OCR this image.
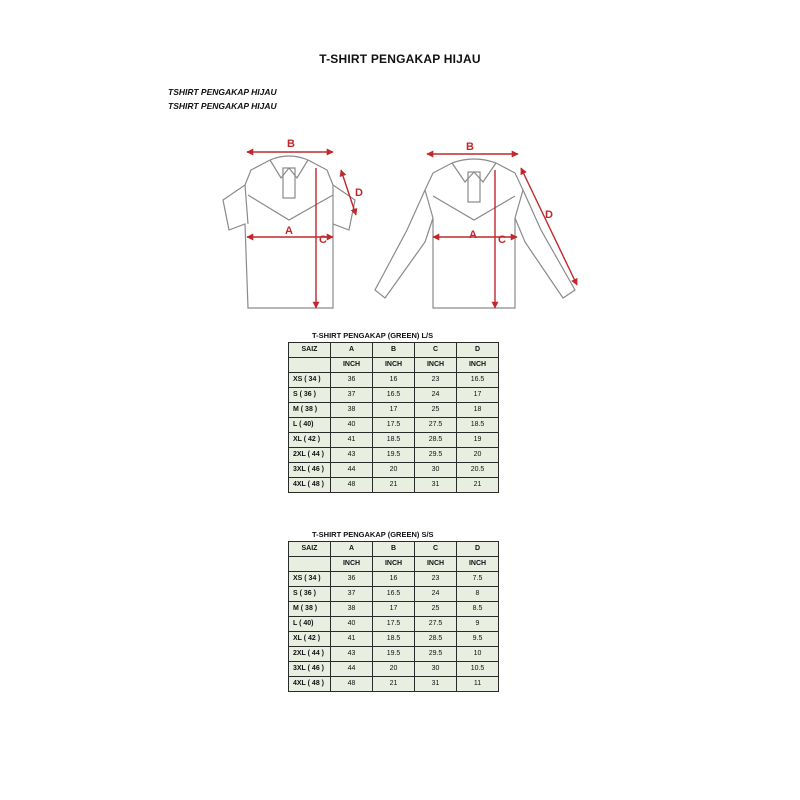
T-SHIRT PENGAKAP HIJAU
TSHIRT PENGAKAP HIJAU
TSHIRT PENGAKAP HIJAU
B
A
C
D
B
A C
D
T-SHIRT PENGAKAP (GREEN) L/S
SAIZ	A	B	C	D
	INCH	INCH	INCH	INCH
XS ( 34 )	36	16	23	16.5
S ( 36 )	37	16.5	24	17
M ( 38 )	38	17	25	18
L ( 40)	40	17.5	27.5	18.5
XL ( 42 )	41	18.5	28.5	19
2XL ( 44 )	43	19.5	29.5	20
3XL ( 46 )	44	20	30	20.5
4XL ( 48 )	48	21	31	21
T-SHIRT PENGAKAP (GREEN) S/S
SAIZ	A	B	C	D
	INCH	INCH	INCH	INCH
XS ( 34 )	36	16	23	7.5
S ( 36 )	37	16.5	24	8
M ( 38 )	38	17	25	8.5
L ( 40)	40	17.5	27.5	9
XL ( 42 )	41	18.5	28.5	9.5
2XL ( 44 )	43	19.5	29.5	10
3XL ( 46 )	44	20	30	10.5
4XL ( 48 )	48	21	31	11
